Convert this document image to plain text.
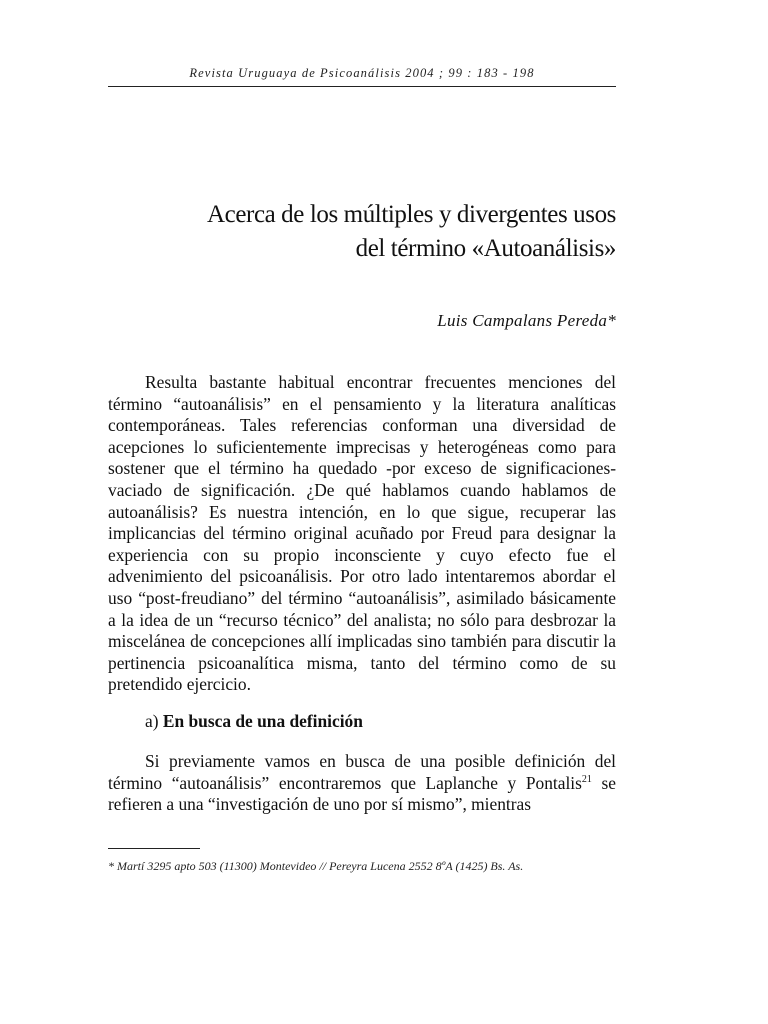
Revista Uruguaya de Psicoanálisis 2004 ; 99 : 183 - 198
Acerca de los múltiples y divergentes usos
del término «Autoanálisis»
Luis Campalans Pereda*

Resulta bastante habitual encontrar frecuentes menciones del término “autoanálisis” en el pensamiento y la literatura analíticas contemporáneas. Tales referencias conforman una diversidad de acepciones lo suficientemente imprecisas y heterogéneas como para sostener que el término ha quedado -por exceso de significaciones- vaciado de significación. ¿De qué hablamos cuando hablamos de autoanálisis? Es nuestra intención, en lo que sigue, recuperar las implicancias del término original acuñado por Freud para designar la experiencia con su propio inconsciente y cuyo efecto fue el advenimiento del psicoanálisis. Por otro lado intentaremos abordar el uso “post-freudiano” del término “autoanálisis”, asimilado básicamente a la idea de un “recurso técnico” del analista; no sólo para desbrozar la miscelánea de concepciones allí implicadas sino también para discutir la pertinencia psicoanalítica misma, tanto del término como de su pretendido ejercicio.

a) En busca de una definición

Si previamente vamos en busca de una posible definición del término “autoanálisis” encontraremos que Laplanche y Pontalis$^{21}$ se refieren a una “investigación de uno por sí mismo”, mientras

* Martí 3295 apto 503 (11300) Montevideo // Pereyra Lucena 2552 8ºA (1425) Bs. As.
